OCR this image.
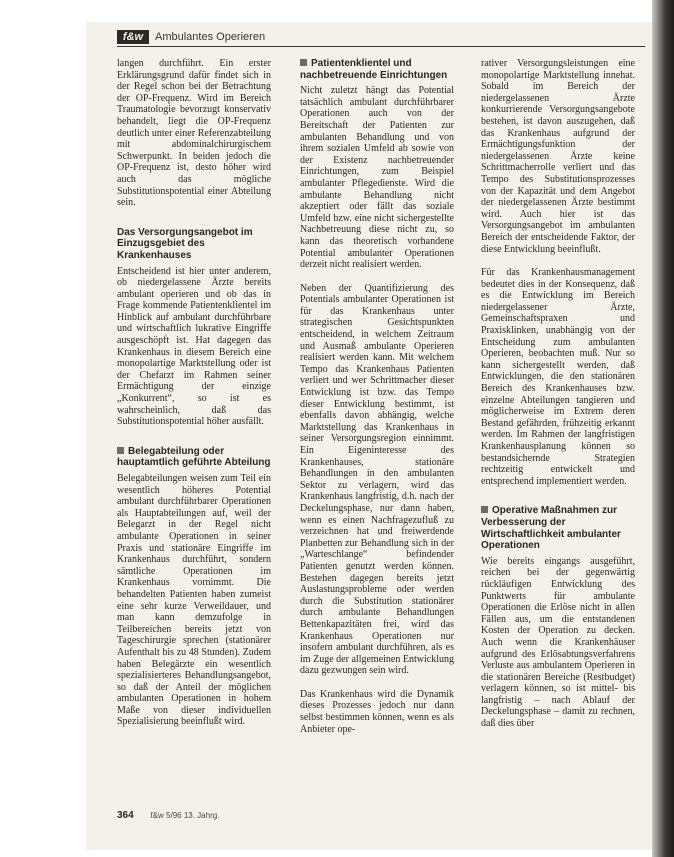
f&w	Ambulantes Operieren

langen durchführt. Ein erster Erklärungsgrund dafür findet sich in der Regel schon bei der Betrachtung der OP-Frequenz. Wird im Bereich Traumatologie bevorzugt konservativ behandelt, liegt die OP-Frequenz deutlich unter einer Referenzabteilung mit abdominalchirurgischem Schwerpunkt. In beiden jedoch die OP-Frequenz ist, desto höher wird auch das mögliche Substitutionspotential einer Abteilung sein.

Das Versorgungsangebot im Einzugsgebiet des Krankenhauses

Entscheidend ist hier unter anderem, ob niedergelassene Ärzte bereits ambulant operieren und ob das in Frage kommende Patientenklientel im Hinblick auf ambulant durchführbare und wirtschaftlich lukrative Eingriffe ausgeschöpft ist. Hat dagegen das Krankenhaus in diesem Bereich eine monopolartige Marktstellung oder ist der Chefarzt im Rahmen seiner Ermächtigung der einzige „Konkurrent“, so ist es wahrscheinlich, daß das Substitutionspotential höher ausfällt.

Belegabteilung oder hauptamtlich geführte Abteilung

Belegabteilungen weisen zum Teil ein wesentlich höheres Potential ambulant durchführbarer Operationen als Hauptabteilungen auf, weil der Belegarzt in der Regel nicht ambulante Operationen in seiner Praxis und stationäre Eingriffe im Krankenhaus durchführt, sondern sämtliche Operationen im Krankenhaus vornimmt. Die behandelten Patienten haben zumeist eine sehr kurze Verweildauer, und man kann demzufolge in Teilbereichen bereits jetzt von Tageschirurgie sprechen (stationärer Aufenthalt bis zu 48 Stunden). Zudem haben Belegärzte ein wesentlich spezialisierteres Behandlungsangebot, so daß der Anteil der möglichen ambulanten Operationen in hohem Maße von dieser individuellen Spezialisierung beeinflußt wird.

Patientenklientel und nachbetreuende Einrichtungen

Nicht zuletzt hängt das Potential tatsächlich ambulant durchführbarer Operationen auch von der Bereitschaft der Patienten zur ambulanten Behandlung und von ihrem sozialen Umfeld ab sowie von der Existenz nachbetreuender Einrichtungen, zum Beispiel ambulanter Pflegedienste. Wird die ambulante Behandlung nicht akzeptiert oder fällt das soziale Umfeld bzw. eine nicht sichergestellte Nachbetreuung diese nicht zu, so kann das theoretisch vorhandene Potential ambulanter Operationen derzeit nicht realisiert werden.

Neben der Quantifizierung des Potentials ambulanter Operationen ist für das Krankenhaus unter strategischen Gesichtspunkten entscheidend, in welchem Zeitraum und Ausmaß ambulante Operieren realisiert werden kann. Mit welchem Tempo das Krankenhaus Patienten verliert und wer Schrittmacher dieser Entwicklung ist bzw. das Tempo dieser Entwicklung bestimmt, ist ebenfalls davon abhängig, welche Marktstellung das Krankenhaus in seiner Versorgungsregion einnimmt. Ein Eigeninteresse des Krankenhauses, stationäre Behandlungen in den ambulanten Sektor zu verlagern, wird das Krankenhaus langfristig, d.h. nach der Deckelungsphase, nur dann haben, wenn es einen Nachfragezufluß zu verzeichnen hat und freiwerdende Planbetten zur Behandlung sich in der „Warteschlange“ befindender Patienten genutzt werden können. Bestehen dagegen bereits jetzt Auslastungsprobleme oder werden durch die Substitution stationärer durch ambulante Behandlungen Bettenkapazitäten frei, wird das Krankenhaus Operationen nur insofern ambulant durchführen, als es im Zuge der allgemeinen Entwicklung dazu gezwungen sein wird.

Das Krankenhaus wird die Dynamik dieses Prozesses jedoch nur dann selbst bestimmen können, wenn es als Anbieter ope-

rativer Versorgungsleistungen eine monopolartige Marktstellung innehat. Sobald im Bereich der niedergelassenen Ärzte konkurrierende Versorgungsangebote bestehen, ist davon auszugehen, daß das Krankenhaus aufgrund der Ermächtigungsfunktion der niedergelassenen Ärzte keine Schrittmacherrolle verliert und das Tempo des Substitutionsprozesses von der Kapazität und dem Angebot der niedergelassenen Ärzte bestimmt wird. Auch hier ist das Versorgungsangebot im ambulanten Bereich der entscheidende Faktor, der diese Entwicklung beeinflußt.

Für das Krankenhausmanagement bedeutet dies in der Konsequenz, daß es die Entwicklung im Bereich niedergelassener Ärzte, Gemeinschaftspraxen und Praxisklinken, unabhängig von der Entscheidung zum ambulanten Operieren, beobachten muß. Nur so kann sichergestellt werden, daß Entwicklungen, die den stationären Bereich des Krankenhauses bzw. einzelne Abteilungen tangieren und möglicherweise im Extrem deren Bestand gefährden, frühzeitig erkannt werden. Im Rahmen der langfristigen Krankenhausplanung können so bestandsichernde Strategien rechtzeitig entwickelt und entsprechend implementiert werden.

Operative Maßnahmen zur Verbesserung der Wirtschaftlichkeit ambulanter Operationen

Wie bereits eingangs ausgeführt, reichen bei der gegenwärtig rückläufigen Entwicklung des Punktwerts für ambulante Operationen die Erlöse nicht in allen Fällen aus, um die entstandenen Kosten der Operation zu decken. Auch wenn die Krankenhäuser aufgrund des Erlösabtungsverfahrens Verluste aus ambulantem Operieren in die stationären Bereiche (Restbudget) verlagern können, so ist mittel- bis langfristig – nach Ablauf der Deckelungsphase – damit zu rechnen, daß dies über

364 f&w 5/96 13. Jahrg.
